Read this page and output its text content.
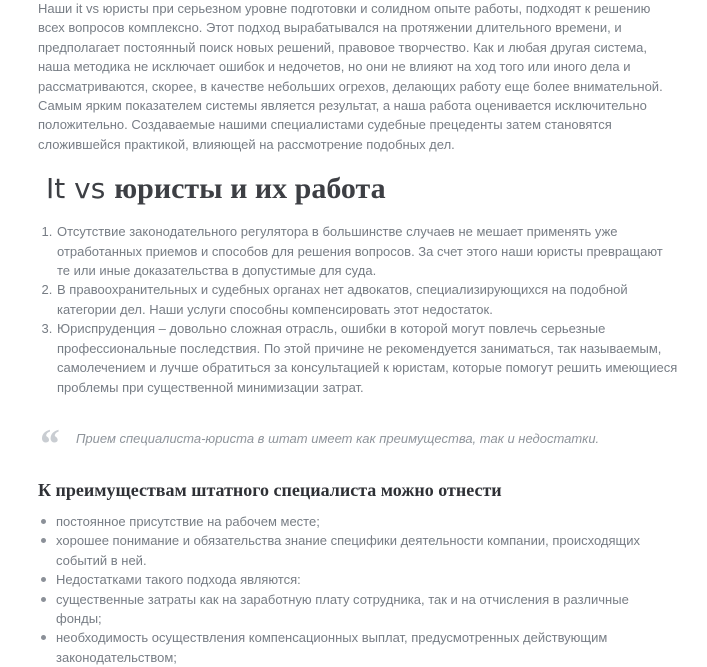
Наши it vs юристы при серьезном уровне подготовки и солидном опыте работы, подходят к решению всех вопросов комплексно. Этот подход вырабатывался на протяжении длительного времени, и предполагает постоянный поиск новых решений, правовое творчество. Как и любая другая система, наша методика не исключает ошибок и недочетов, но они не влияют на ход того или иного дела и рассматриваются, скорее, в качестве небольших огрехов, делающих работу еще более внимательной. Самым ярким показателем системы является результат, а наша работа оценивается исключительно положительно. Создаваемые нашими специалистами судебные прецеденты затем становятся сложившейся практикой, влияющей на рассмотрение подобных дел.

It vs юристы и их работа
1. Отсутствие законодательного регулятора в большинстве случаев не мешает применять уже отработанных приемов и способов для решения вопросов. За счет этого наши юристы превращают те или иные доказательства в допустимые для суда.
2. В правоохранительных и судебных органах нет адвокатов, специализирующихся на подобной категории дел. Наши услуги способны компенсировать этот недостаток.
3. Юриспруденция – довольно сложная отрасль, ошибки в которой могут повлечь серьезные профессиональные последствия. По этой причине не рекомендуется заниматься, так называемым, самолечением и лучше обратиться за консультацией к юристам, которые помогут решить имеющиеся проблемы при существенной минимизации затрат.
“ Прием специалиста-юриста в штат имеет как преимущества, так и недостатки.
К преимуществам штатного специалиста можно отнести
постоянное присутствие на рабочем месте;
хорошее понимание и обязательства знание специфики деятельности компании, происходящих событий в ней.
Недостатками такого подхода являются:
существенные затраты как на заработную плату сотрудника, так и на отчисления в различные фонды;
необходимость осуществления компенсационных выплат, предусмотренных действующим законодательством;
